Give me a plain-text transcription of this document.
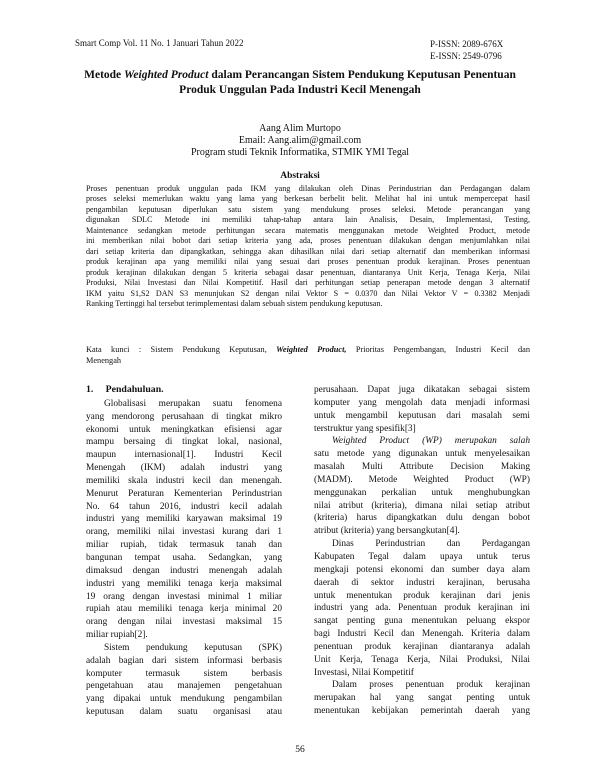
Smart Comp Vol. 11 No. 1 Januari Tahun 2022	P-ISSN: 2089-676X
E-ISSN: 2549-0796
Metode Weighted Product dalam Perancangan Sistem Pendukung Keputusan Penentuan
Produk Unggulan Pada Industri Kecil Menengah
Aang Alim Murtopo
Email: Aang.alim@gmail.com
Program studi Teknik Informatika, STMIK YMI Tegal
Abstraksi
Proses penentuan produk unggulan pada IKM yang dilakukan oleh Dinas Perindustrian dan Perdagangan dalam
proses seleksi memerlukan waktu yang lama yang berkesan berbelit belit. Melihat hal ini untuk mempercepat hasil
pengambilan keputusan diperlukan satu sistem yang mendukung proses seleksi. Metode perancangan yang
digunakan SDLC Metode ini memiliki tahap-tahap antara lain Analisis, Desain, Implementasi, Testing,
Maintenance sedangkan metode perhitungan secara matematis menggunakan metode Weighted Product, metode
ini memberikan nilai bobot dari setiap kriteria yang ada, proses penentuan dilakukan dengan menjumlahkan nilai
dari setiap kriteria dan dipangkatkan, sehingga akan dihasilkan nilai dari setiap alternatif dan memberikan informasi
produk kerajinan apa yang memiliki nilai yang sesuai dari proses penentuan produk kerajinan. Proses penentuan
produk kerajinan dilakukan dengan 5 kriteria sebagai dasar penentuan, diantaranya Unit Kerja, Tenaga Kerja, Nilai
Produksi, Nilai Investasi dan Nilai Kompetitif. Hasil dari perhitungan setiap penerapan metode dengan 3 alternatif
IKM yaitu S1,S2 DAN S3 menunjukan S2 dengan nilai Vektor S = 0.0370 dan Nilai Vektor V = 0.3382 Menjadi
Ranking Tertinggi hal tersebut terimplementasi dalam sebuah sistem pendukung keputusan.
Kata kunci : Sistem Pendukung Keputusan, Weighted Product, Prioritas Pengembangan, Industri Kecil dan
Menengah
1. Pendahuluan.
Globalisasi merupakan suatu fenomena
yang mendorong perusahaan di tingkat mikro
ekonomi untuk meningkatkan efisiensi agar
mampu bersaing di tingkat lokal, nasional,
maupun internasional[1]. Industri Kecil
Menengah (IKM) adalah industri yang
memiliki skala industri kecil dan menengah.
Menurut Peraturan Kementerian Perindustrian
No. 64 tahun 2016, industri kecil adalah
industri yang memiliki karyawan maksimal 19
orang, memiliki nilai investasi kurang dari 1
miliar rupiah, tidak termasuk tanah dan
bangunan tempat usaha. Sedangkan, yang
dimaksud dengan industri menengah adalah
industri yang memiliki tenaga kerja maksimal
19 orang dengan investasi minimal 1 miliar
rupiah atau memiliki tenaga kerja minimal 20
orang dengan nilai investasi maksimal 15
miliar rupiah[2].
Sistem pendukung keputusan (SPK)
adalah bagian dari sistem informasi berbasis
komputer termasuk sistem berbasis
pengetahuan atau manajemen pengetahuan
yang dipakai untuk mendukung pengambilan
keputusan dalam suatu organisasi atau
perusahaan. Dapat juga dikatakan sebagai sistem
komputer yang mengolah data menjadi informasi
untuk mengambil keputusan dari masalah semi
terstruktur yang spesifik[3]
Weighted Product (WP) merupakan salah
satu metode yang digunakan untuk menyelesaikan
masalah Multi Attribute Decision Making
(MADM). Metode Weighted Product (WP)
menggunakan perkalian untuk menghubungkan
nilai atribut (kriteria), dimana nilai setiap atribut
(kriteria) harus dipangkatkan dulu dengan bobot
atribut (kriteria) yang bersangkutan[4].
Dinas Perindustrian dan Perdagangan
Kabupaten Tegal dalam upaya untuk terus
mengkaji potensi ekonomi dan sumber daya alam
daerah di sektor industri kerajinan, berusaha
untuk menentukan produk kerajinan dari jenis
industri yang ada. Penentuan produk kerajinan ini
sangat penting guna menentukan peluang ekspor
bagi Industri Kecil dan Menengah. Kriteria dalam
penentuan produk kerajinan diantaranya adalah
Unit Kerja, Tenaga Kerja, Nilai Produksi, Nilai
Investasi, Nilai Kompetitif
Dalam proses penentuan produk kerajinan
merupakan hal yang sangat penting untuk
menentukan kebijakan pemerintah daerah yang
56
